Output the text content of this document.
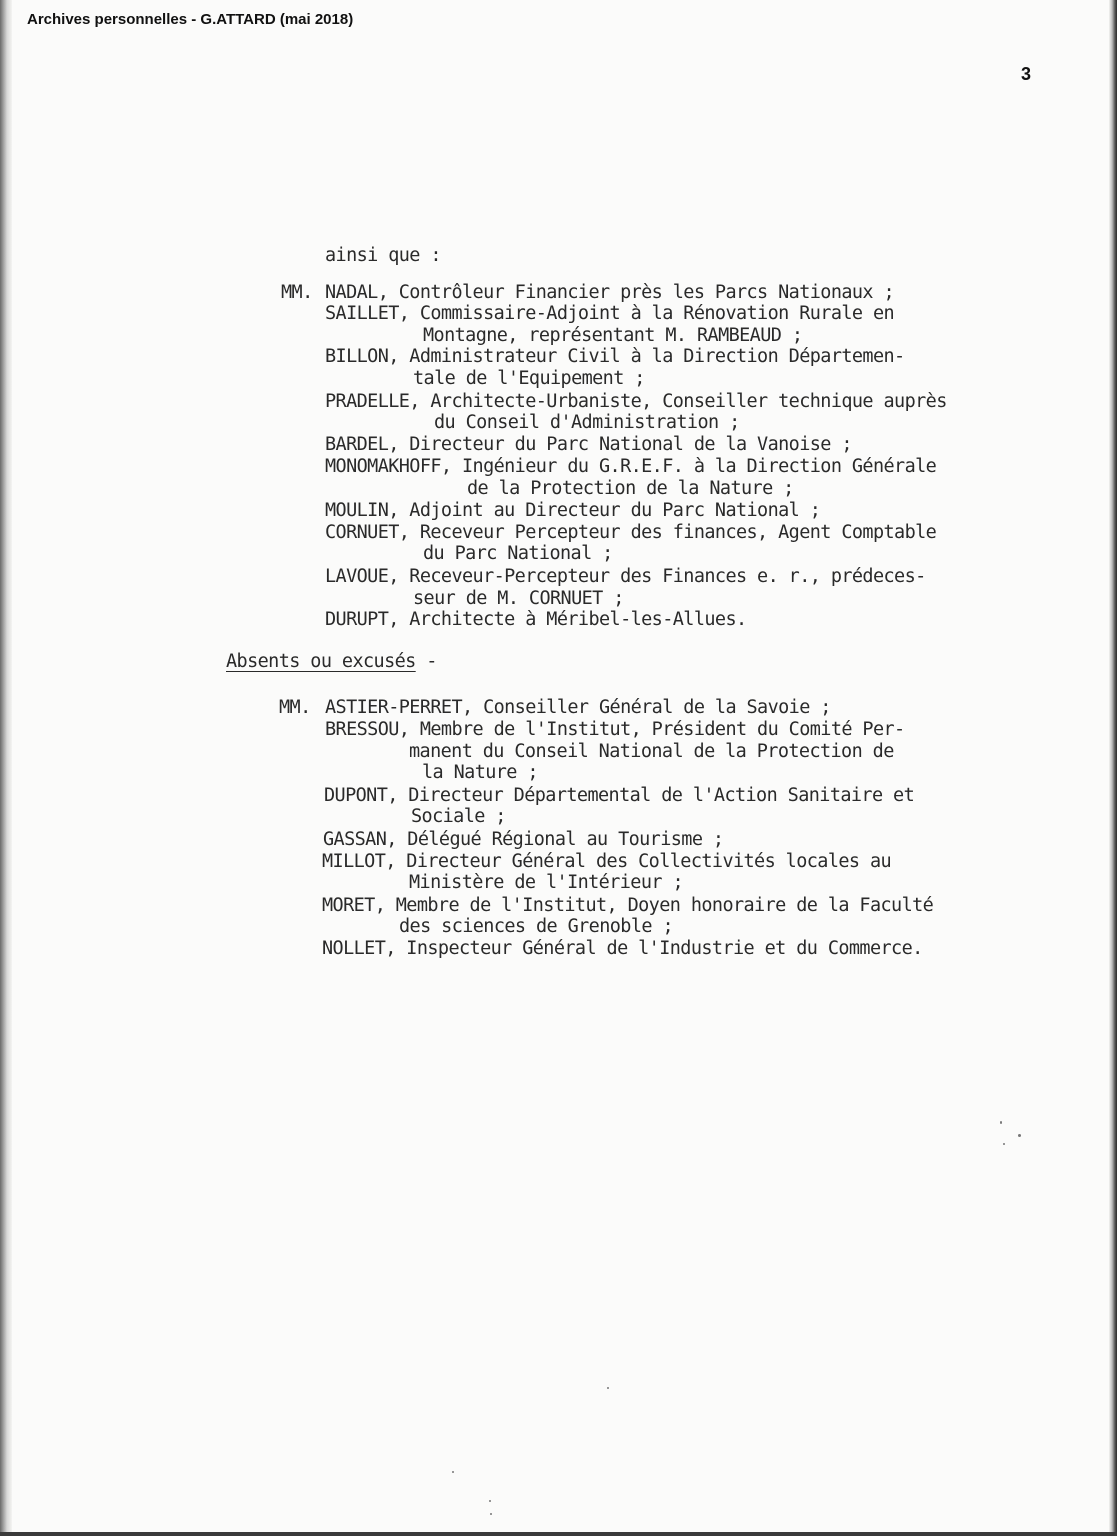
Archives personnelles - G.ATTARD (mai 2018)
3
ainsi que :
MM. NADAL, Contrôleur Financier près les Parcs Nationaux ;
SAILLET, Commissaire-Adjoint à la Rénovation Rurale en
Montagne, représentant M. RAMBEAUD ;
BILLON, Administrateur Civil à la Direction Départemen-
tale de l'Equipement ;
PRADELLE, Architecte-Urbaniste, Conseiller technique auprès
du Conseil d'Administration ;
BARDEL, Directeur du Parc National de la Vanoise ;
MONOMAKHOFF, Ingénieur du G.R.E.F. à la Direction Générale
de la Protection de la Nature ;
MOULIN, Adjoint au Directeur du Parc National ;
CORNUET, Receveur Percepteur des finances, Agent Comptable
du Parc National ;
LAVOUE, Receveur-Percepteur des Finances e. r., prédeces-
seur de M. CORNUET ;
DURUPT, Architecte à Méribel-les-Allues.
Absents ou excusés -
MM. ASTIER-PERRET, Conseiller Général de la Savoie ;
BRESSOU, Membre de l'Institut, Président du Comité Per-
manent du Conseil National de la Protection de
la Nature ;
DUPONT, Directeur Départemental de l'Action Sanitaire et
Sociale ;
GASSAN, Délégué Régional au Tourisme ;
MILLOT, Directeur Général des Collectivités locales au
Ministère de l'Intérieur ;
MORET, Membre de l'Institut, Doyen honoraire de la Faculté
des sciences de Grenoble ;
NOLLET, Inspecteur Général de l'Industrie et du Commerce.
